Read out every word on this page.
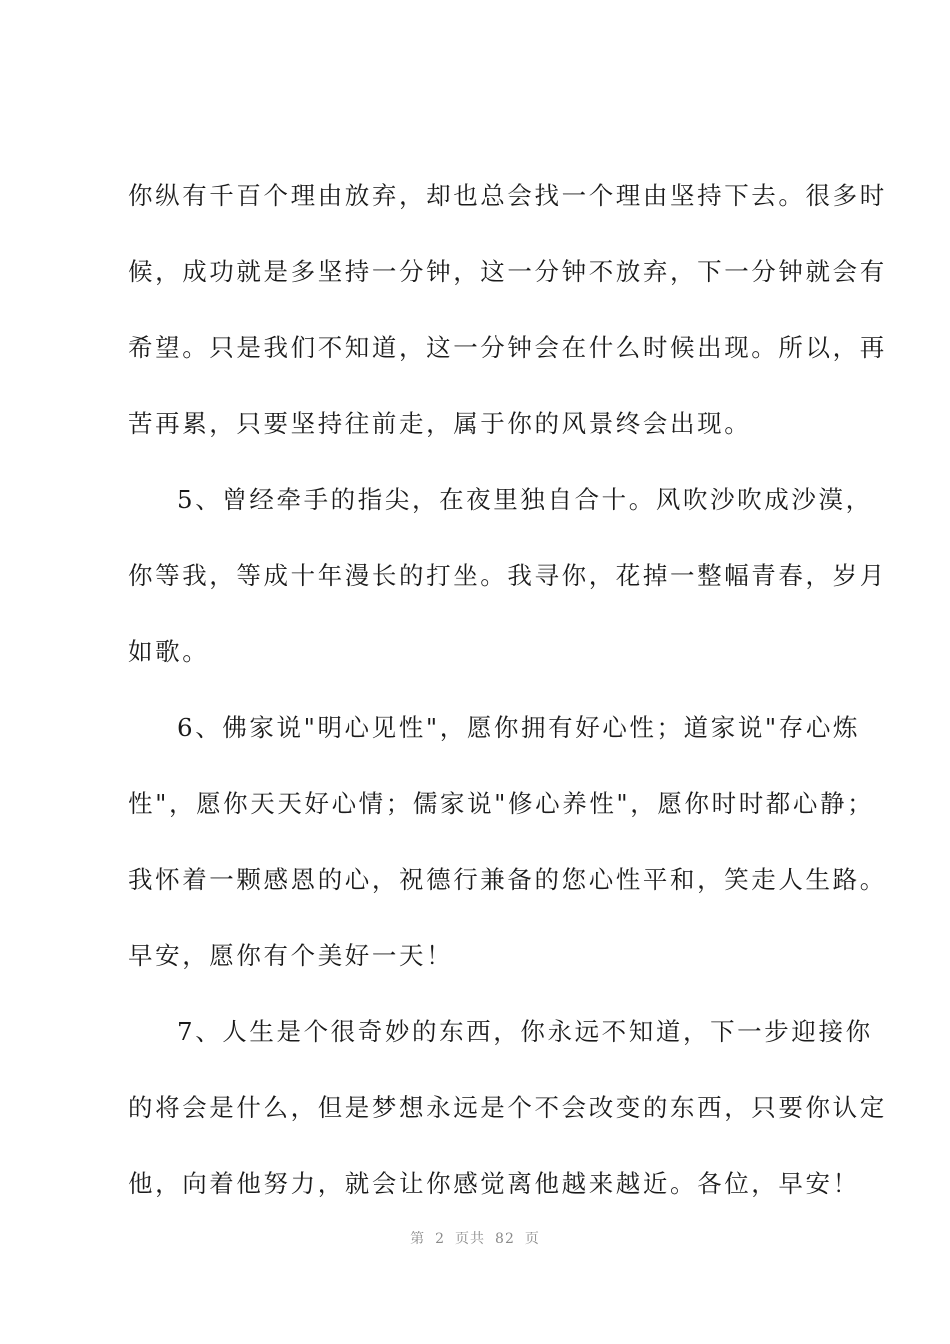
你纵有千百个理由放弃，却也总会找一个理由坚持下去。很多时
候，成功就是多坚持一分钟，这一分钟不放弃，下一分钟就会有
希望。只是我们不知道，这一分钟会在什么时候出现。所以，再
苦再累，只要坚持往前走，属于你的风景终会出现。
5、曾经牵手的指尖，在夜里独自合十。风吹沙吹成沙漠，
你等我，等成十年漫长的打坐。我寻你，花掉一整幅青春，岁月
如歌。
6、佛家说"明心见性"，愿你拥有好心性；道家说"存心炼
性"，愿你天天好心情；儒家说"修心养性"，愿你时时都心静；
我怀着一颗感恩的心，祝德行兼备的您心性平和，笑走人生路。
早安，愿你有个美好一天！
7、人生是个很奇妙的东西，你永远不知道，下一步迎接你
的将会是什么，但是梦想永远是个不会改变的东西，只要你认定
他，向着他努力，就会让你感觉离他越来越近。各位，早安！
第 2 页共 82 页
